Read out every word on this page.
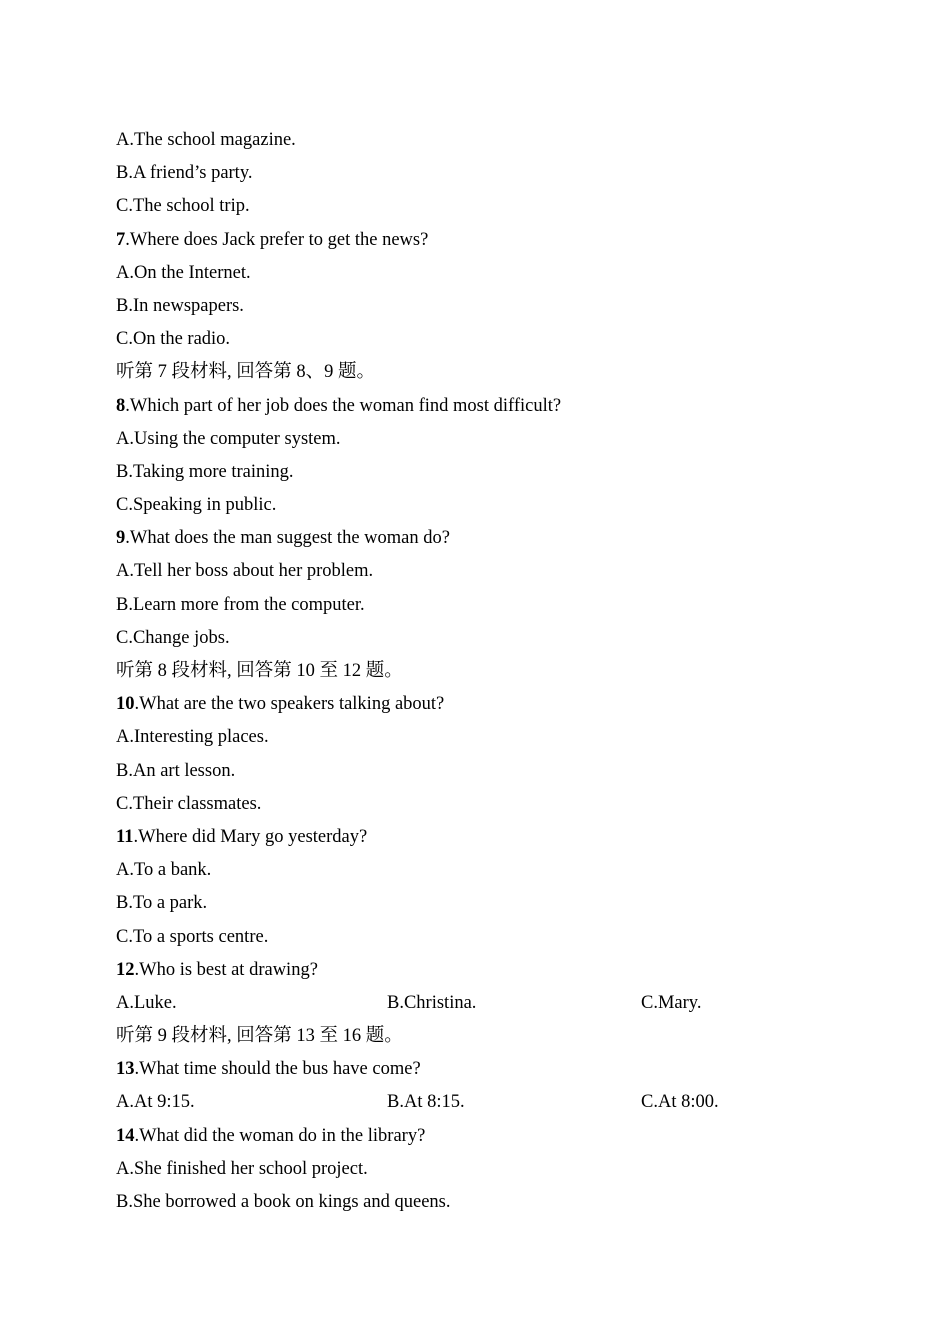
A.The school magazine.
B.A friend’s party.
C.The school trip.
7.Where does Jack prefer to get the news?
A.On the Internet.
B.In newspapers.
C.On the radio.
听第 7 段材料, 回答第 8、9 题。
8.Which part of her job does the woman find most difficult?
A.Using the computer system.
B.Taking more training.
C.Speaking in public.
9.What does the man suggest the woman do?
A.Tell her boss about her problem.
B.Learn more from the computer.
C.Change jobs.
听第 8 段材料, 回答第 10 至 12 题。
10.What are the two speakers talking about?
A.Interesting places.
B.An art lesson.
C.Their classmates.
11.Where did Mary go yesterday?
A.To a bank.
B.To a park.
C.To a sports centre.
12.Who is best at drawing?
A.Luke.	B.Christina.	C.Mary.
听第 9 段材料, 回答第 13 至 16 题。
13.What time should the bus have come?
A.At 9:15.	B.At 8:15.	C.At 8:00.
14.What did the woman do in the library?
A.She finished her school project.
B.She borrowed a book on kings and queens.
